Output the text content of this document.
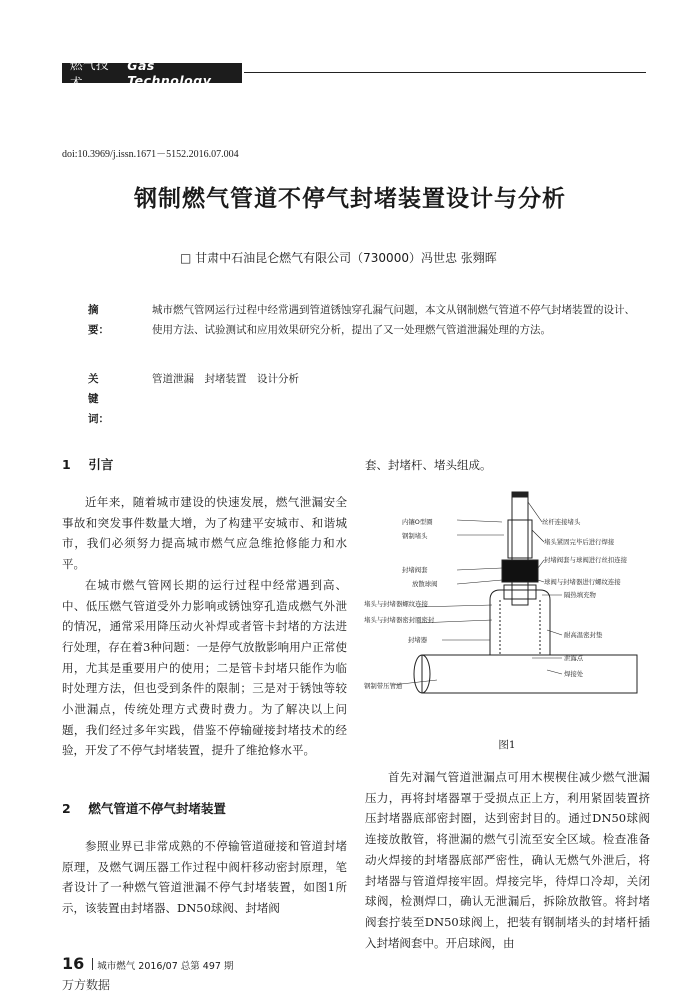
燃气技术
Gas Technology
doi:10.3969/j.issn.1671－5152.2016.07.004
钢制燃气管道不停气封堵装置设计与分析
□ 甘肃中石油昆仑燃气有限公司（730000）冯世忠 张翙晖
摘　　要：
城市燃气管网运行过程中经常遇到管道锈蚀穿孔漏气问题，本文从钢制燃气管道不停气封堵装置的设计、使用方法、试验测试和应用效果研究分析，提出了又一处理燃气管道泄漏处理的方法。
关 键 词：
管道泄漏　封堵装置　设计分析
1 引言

近年来，随着城市建设的快速发展，燃气泄漏安全事故和突发事件数量大增，为了构建平安城市、和谐城市，我们必须努力提高城市燃气应急维抢修能力和水平。

在城市燃气管网长期的运行过程中经常遇到高、中、低压燃气管道受外力影响或锈蚀穿孔造成燃气外泄的情况，通常采用降压动火补焊或者管卡封堵的方法进行处理，存在着3种问题：一是停气放散影响用户正常使用，尤其是重要用户的使用；二是管卡封堵只能作为临时处理方法，但也受到条件的限制；三是对于锈蚀等较小泄漏点，传统处理方式费时费力。为了解决以上问题，我们经过多年实践，借鉴不停输碰接封堵技术的经验，开发了不停气封堵装置，提升了维抢修水平。

2 燃气管道不停气封堵装置

参照业界已非常成熟的不停输管道碰接和管道封堵原理，及燃气调压器工作过程中阀杆移动密封原理，笔者设计了一种燃气管道泄漏不停气封堵装置，如图1所示，该装置由封堵器、DN50球阀、封堵阀

套、封堵杆、堵头组成。

内镶O型圈
钢制堵头
封堵阀套
放散球阀
堵头与封堵器螺纹连接
堵头与封堵器密封圈密封
封堵器
钢制带压管道
丝杆连接堵头
堵头紧固完毕后进行焊接
封堵阀套与球阀进行丝扣连接
球阀与封堵器进行螺纹连接
隔热填充物
耐高温密封垫
泄露点
焊接处
图1

首先对漏气管道泄漏点可用木楔楔住减少燃气泄漏压力，再将封堵器罩于受损点正上方，利用紧固装置挤压封堵器底部密封圈，达到密封目的。通过DN50球阀连接放散管，将泄漏的燃气引流至安全区域。检查准备动火焊接的封堵器底部严密性，确认无燃气外泄后，将封堵器与管道焊接牢固。焊接完毕，待焊口冷却，关闭球阀，检测焊口，确认无泄漏后，拆除放散管。将封堵阀套拧装至DN50球阀上，把装有钢制堵头的封堵杆插入封堵阀套中。开启球阀，由

16 城市燃气 2016/07 总第 497 期
万方数据
